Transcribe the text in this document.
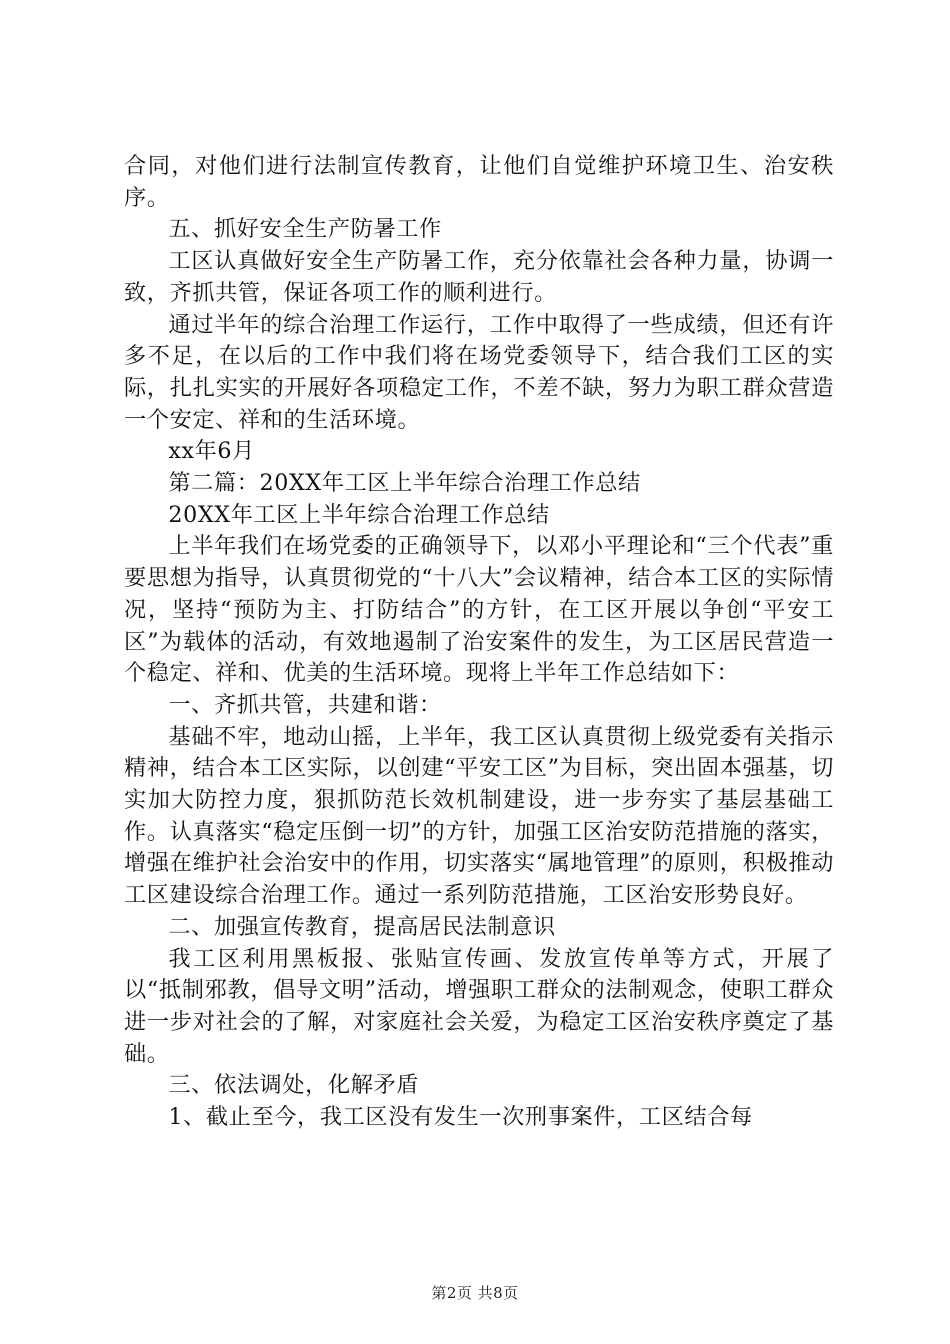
合同，对他们进行法制宣传教育，让他们自觉维护环境卫生、治安秩序。

五、抓好安全生产防暑工作

工区认真做好安全生产防暑工作，充分依靠社会各种力量，协调一致，齐抓共管，保证各项工作的顺利进行。

通过半年的综合治理工作运行，工作中取得了一些成绩，但还有许多不足，在以后的工作中我们将在场党委领导下，结合我们工区的实际，扎扎实实的开展好各项稳定工作，不差不缺，努力为职工群众营造一个安定、祥和的生活环境。

xx年6月

第二篇：20XX年工区上半年综合治理工作总结

20XX年工区上半年综合治理工作总结

上半年我们在场党委的正确领导下，以邓小平理论和“三个代表”重要思想为指导，认真贯彻党的“十八大”会议精神，结合本工区的实际情况，坚持“预防为主、打防结合”的方针，在工区开展以争创“平安工区”为载体的活动，有效地遏制了治安案件的发生，为工区居民营造一个稳定、祥和、优美的生活环境。现将上半年工作总结如下：

一、齐抓共管，共建和谐：

基础不牢，地动山摇，上半年，我工区认真贯彻上级党委有关指示精神，结合本工区实际，以创建“平安工区”为目标，突出固本强基，切实加大防控力度，狠抓防范长效机制建设，进一步夯实了基层基础工作。认真落实“稳定压倒一切”的方针，加强工区治安防范措施的落实，增强在维护社会治安中的作用，切实落实“属地管理”的原则，积极推动工区建设综合治理工作。通过一系列防范措施，工区治安形势良好。

二、加强宣传教育，提高居民法制意识

我工区利用黑板报、张贴宣传画、发放宣传单等方式，开展了以“抵制邪教，倡导文明”活动，增强职工群众的法制观念，使职工群众进一步对社会的了解，对家庭社会关爱，为稳定工区治安秩序奠定了基础。

三、依法调处，化解矛盾

1、截止至今，我工区没有发生一次刑事案件，工区结合每

第2页 共8页
